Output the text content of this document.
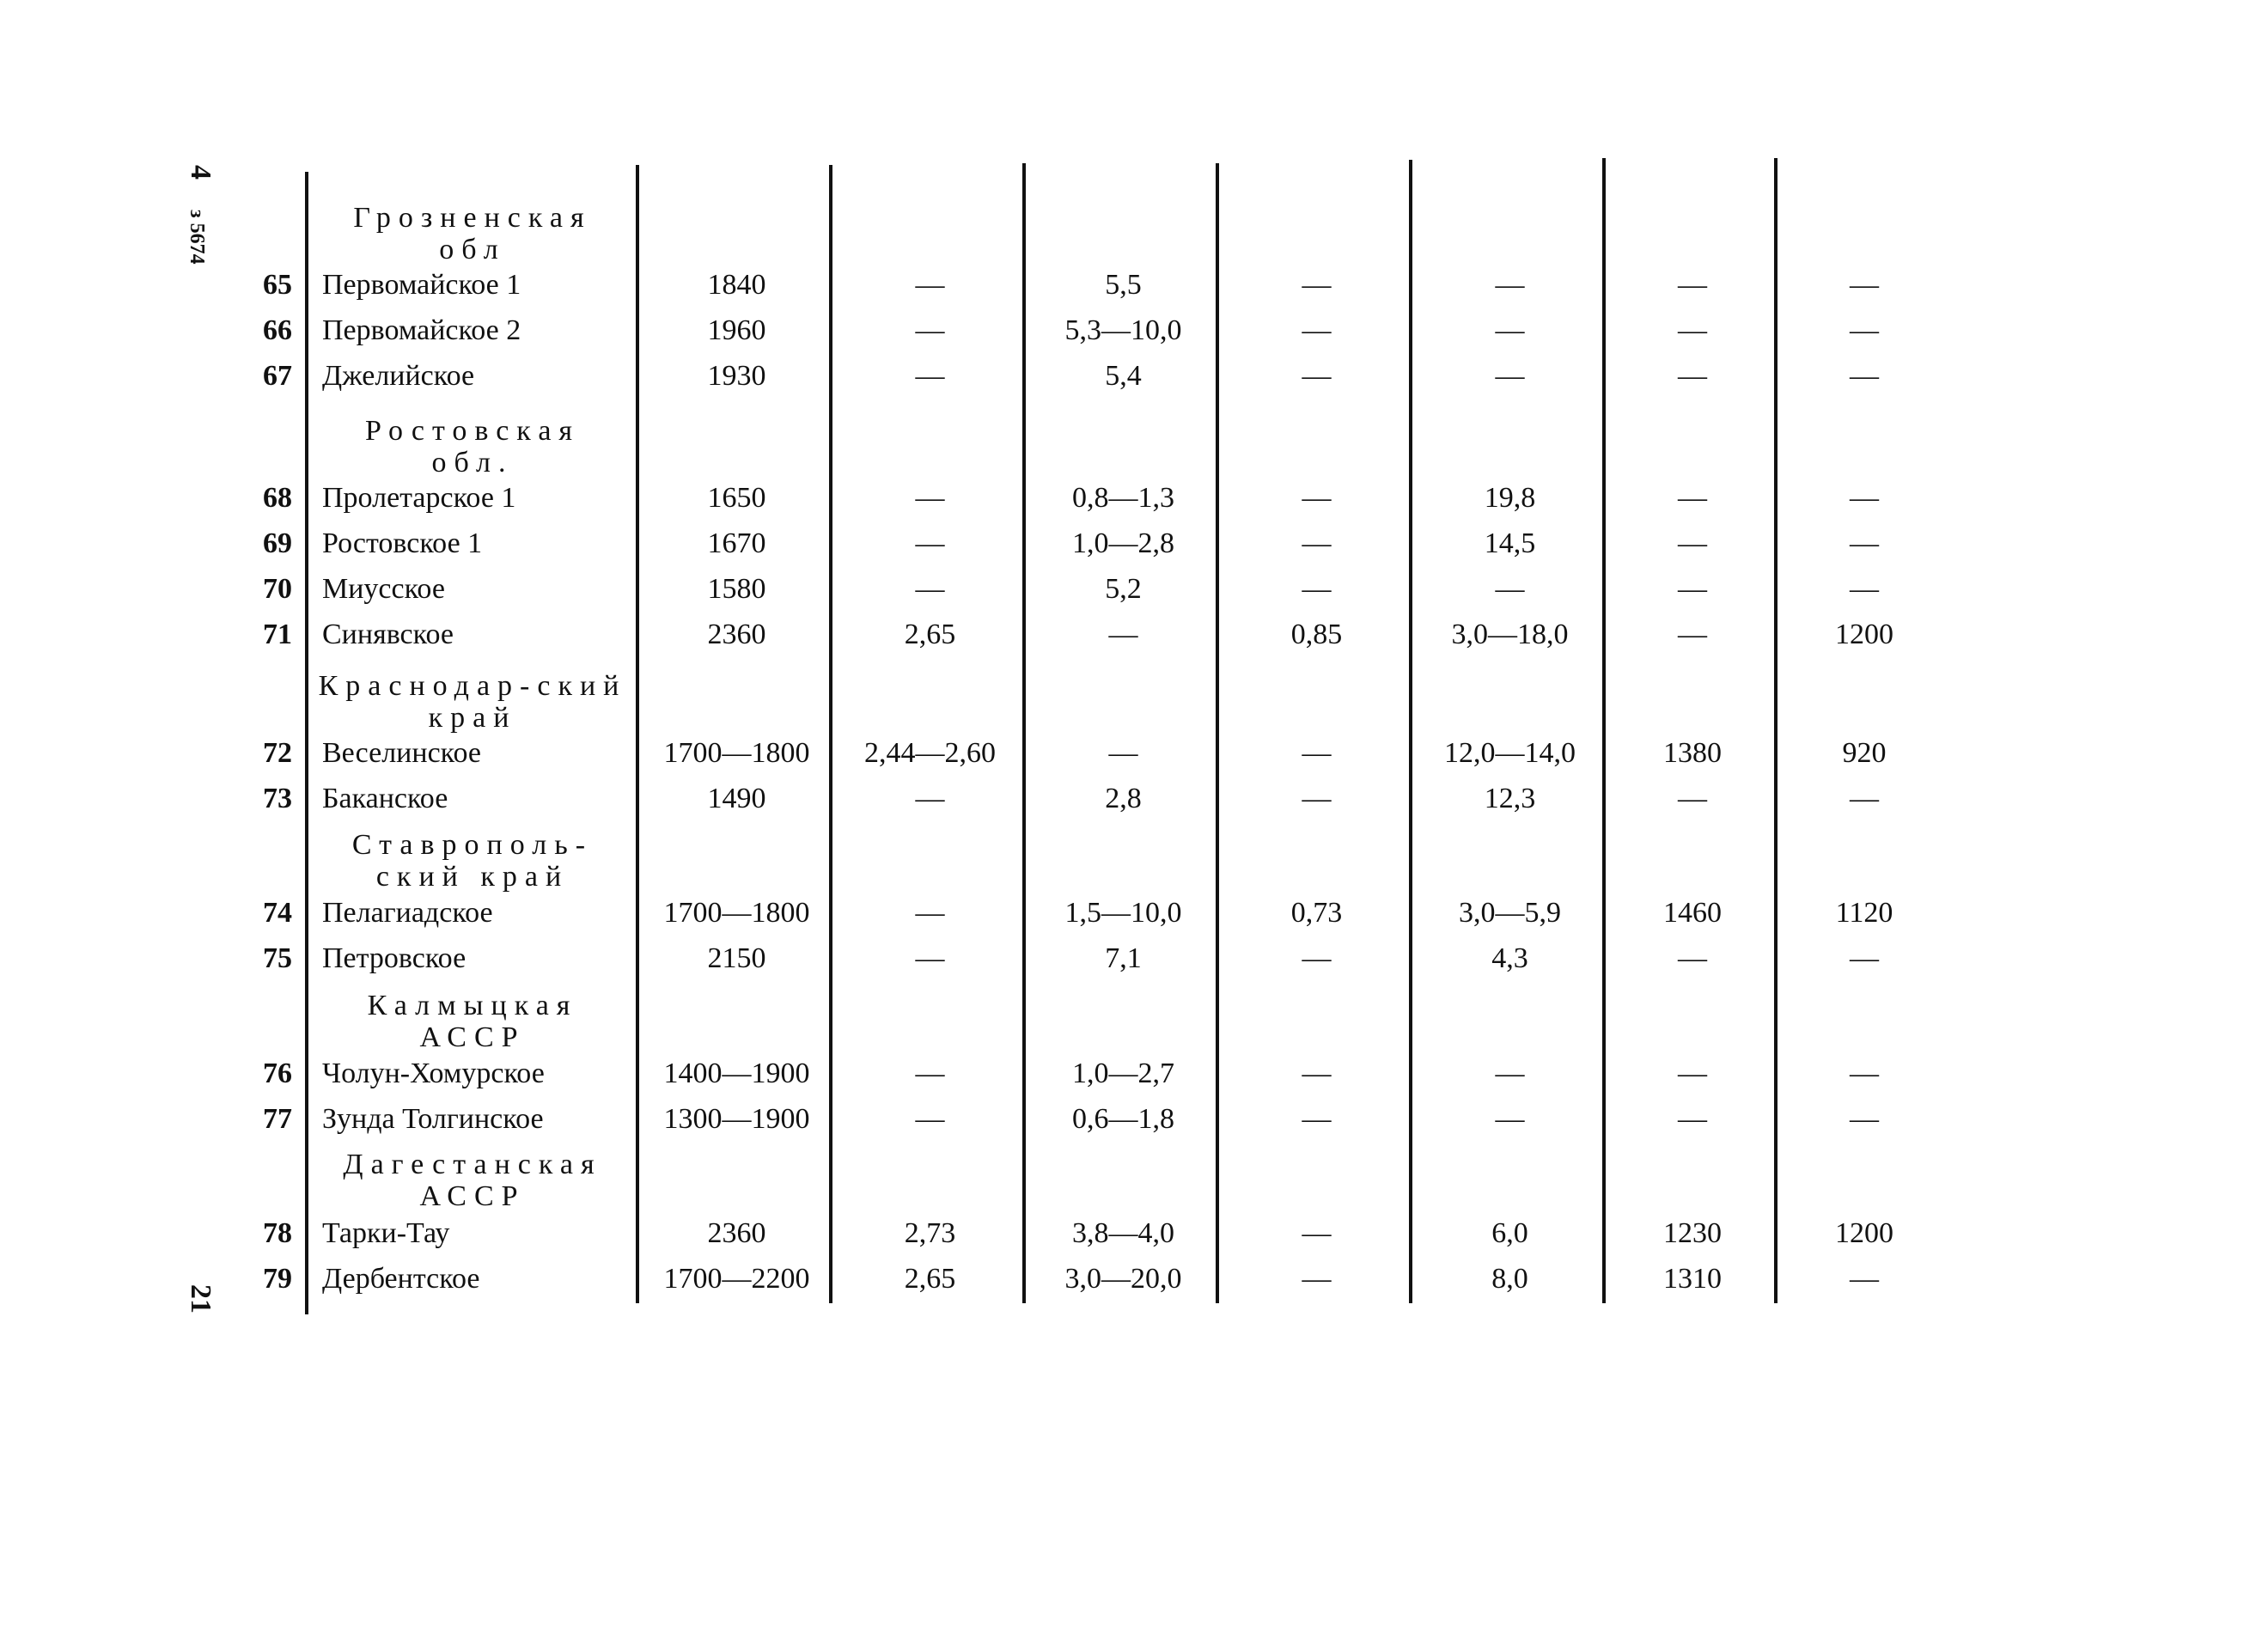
4
з 5674
21
Грозненская обл
65 Первомайское 1	1840	—	5,5	—	—	—	—
66 Первомайское 2	1960	—	5,3—10,0	—	—	—	—
67 Джелийское	1930	—	5,4	—	—	—	—
Ростовская обл.
68 Пролетарское 1	1650	—	0,8—1,3	—	19,8	—	—
69 Ростовское 1	1670	—	1,0—2,8	—	14,5	—	—
70 Миусское	1580	—	5,2	—	—	—	—
71 Синявское	2360	2,65	—	0,85	3,0—18,0	—	1200
Краснодар-ский край
72 Веселинское	1700—1800	2,44—2,60	—	—	12,0—14,0	1380	920
73 Баканское	1490	—	2,8	—	12,3	—	—
Ставрополь-ский край
74 Пелагиадское	1700—1800	—	1,5—10,0	0,73	3,0—5,9	1460	1120
75 Петровское	2150	—	7,1	—	4,3	—	—
Калмыцкая АССР
76 Чолун-Хомурское	1400—1900	—	1,0—2,7	—	—	—	—
77 Зунда Толгинское	1300—1900	—	0,6—1,8	—	—	—	—
Дагестанская АССР
78 Тарки-Тау	2360	2,73	3,8—4,0	—	6,0	1230	1200
79 Дербентское	1700—2200	2,65	3,0—20,0	—	8,0	1310	—
